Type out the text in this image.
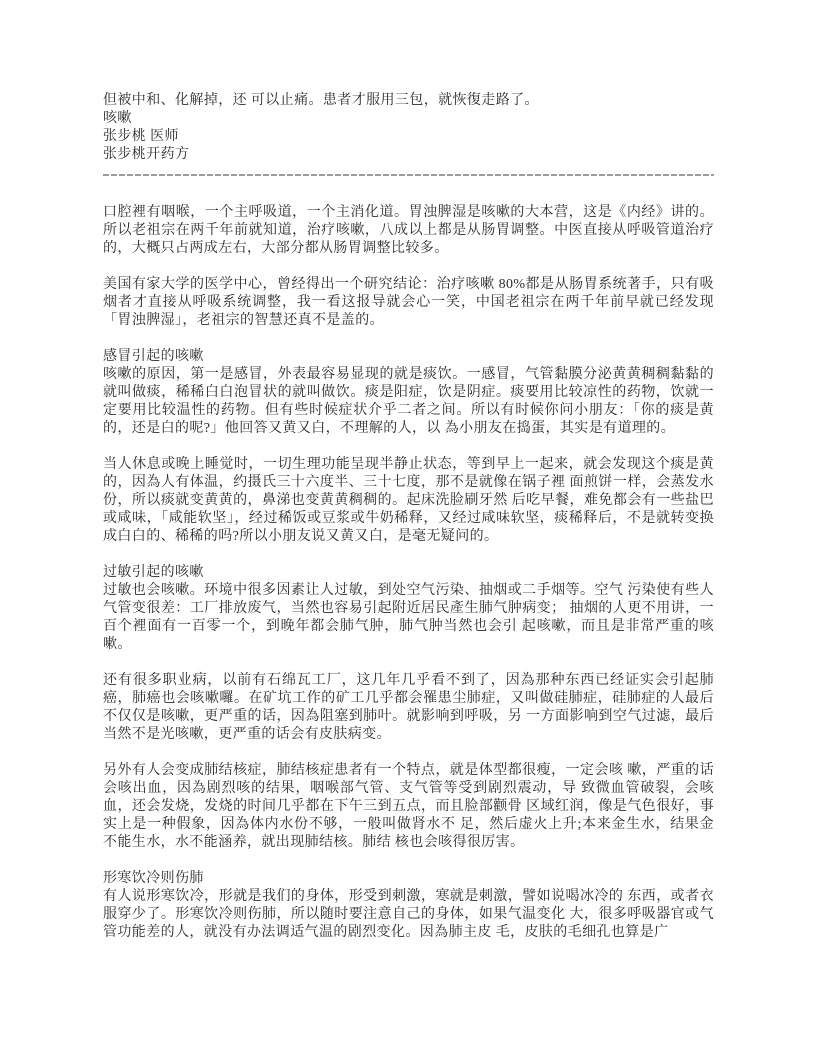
但被中和、化解掉，还 可以止痛。患者才服用三包，就恢復走路了。

咳嗽

张步桃 医师

张步桃开药方

口腔裡有咽喉，一个主呼吸道，一个主消化道。胃浊脾湿是咳嗽的大本营，这是《内经》讲的。所以老祖宗在两千年前就知道，治疗咳嗽，八成以上都是从肠胃调整。中医直接从呼吸管道治疗的，大概只占两成左右，大部分都从肠胃调整比较多。

美国有家大学的医学中心，曾经得出一个研究结论：治疗咳嗽 80%都是从肠胃系统著手，只有吸烟者才直接从呼吸系统调整，我一看这报导就会心一笑，中国老祖宗在两千年前早就已经发现「胃浊脾湿」，老祖宗的智慧还真不是盖的。

感冒引起的咳嗽

咳嗽的原因，第一是感冒，外表最容易显现的就是痰饮。一感冒，气管黏膜分泌黄黄稠稠黏黏的就叫做痰，稀稀白白泡冒状的就叫做饮。痰是阳症，饮是阴症。痰要用比较凉性的药物，饮就一定要用比较温性的药物。但有些时候症状介乎二者之间。所以有时候你问小朋友：「你的痰是黄的，还是白的呢?」他回答又黄又白，不理解的人，以 為小朋友在捣蛋，其实是有道理的。

当人休息或晚上睡觉时，一切生理功能呈现半静止状态，等到早上一起来，就会发现这个痰是黄的，因為人有体温，约摄氏三十六度半、三十七度，那不是就像在锅子裡 面煎饼一样，会蒸发水份，所以痰就变黄黄的，鼻涕也变黄黄稠稠的。起床洗脸刷牙然 后吃早餐，难免都会有一些盐巴或咸味，「咸能软坚」，经过稀饭或豆浆或牛奶稀释，又经过咸味软坚，痰稀释后，不是就转变换成白白的、稀稀的吗?所以小朋友说又黄又白，是毫无疑问的。

过敏引起的咳嗽

过敏也会咳嗽。环境中很多因素让人过敏，到处空气污染、抽烟或二手烟等。空气 污染使有些人气管变很差：工厂排放废气，当然也容易引起附近居民產生肺气肿病变； 抽烟的人更不用讲，一百个裡面有一百零一个，到晚年都会肺气肿，肺气肿当然也会引 起咳嗽，而且是非常严重的咳嗽。

还有很多职业病，以前有石绵瓦工厂，这几年几乎看不到了，因為那种东西已经证实会引起肺癌，肺癌也会咳嗽囉。在矿坑工作的矿工几乎都会罹患尘肺症，又叫做硅肺症，硅肺症的人最后不仅仅是咳嗽，更严重的话，因為阻塞到肺叶。就影响到呼吸，另 一方面影响到空气过滤，最后当然不是光咳嗽，更严重的话会有皮肤病变。

另外有人会变成肺结核症，肺结核症患者有一个特点，就是体型都很瘦，一定会咳 嗽，严重的话会咳出血，因為剧烈咳的结果，咽喉部气管、支气管等受到剧烈震动，导 致微血管破裂，会咳血，还会发烧，发烧的时间几乎都在下午三到五点，而且脸部颧骨 区域红润，像是气色很好，事实上是一种假象，因為体内水份不够，一般叫做肾水不 足，然后虚火上升;本来金生水，结果金不能生水，水不能涵养，就出现肺结核。肺结 核也会咳得很厉害。

形寒饮冷则伤肺

有人说形寒饮冷，形就是我们的身体，形受到刺激，寒就是刺激，譬如说喝冰冷的 东西，或者衣服穿少了。形寒饮冷则伤肺，所以随时要注意自己的身体，如果气温变化 大，很多呼吸器官或气管功能差的人，就没有办法调适气温的剧烈变化。因為肺主皮 毛，皮肤的毛细孔也算是广
